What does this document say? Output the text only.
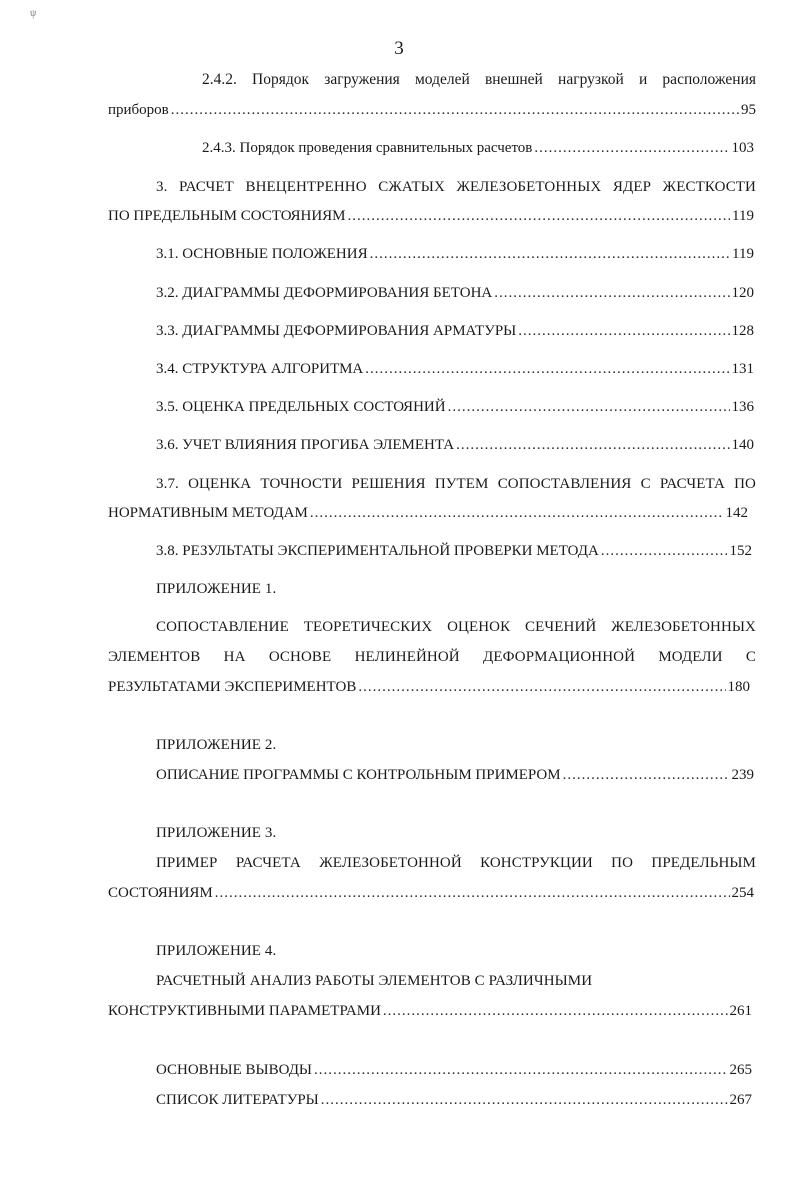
ψ
3
2.4.2. Порядок загружения моделей внешней нагрузкой и расположения
приборов .....	95
2.4.3. Порядок проведения сравнительных расчетов .....	103
3. РАСЧЕТ ВНЕЦЕНТРЕННО СЖАТЫХ ЖЕЛЕЗОБЕТОННЫХ ЯДЕР ЖЕСТКОСТИ
ПО ПРЕДЕЛЬНЫМ СОСТОЯНИЯМ .....	119
3.1. ОСНОВНЫЕ ПОЛОЖЕНИЯ .....	119
3.2. ДИАГРАММЫ ДЕФОРМИРОВАНИЯ БЕТОНА .....	120
3.3. ДИАГРАММЫ ДЕФОРМИРОВАНИЯ АРМАТУРЫ .....	128
3.4. СТРУКТУРА АЛГОРИТМА .....	131
3.5. ОЦЕНКА ПРЕДЕЛЬНЫХ СОСТОЯНИЙ .....	136
3.6. УЧЕТ ВЛИЯНИЯ ПРОГИБА ЭЛЕМЕНТА .....	140
3.7. ОЦЕНКА ТОЧНОСТИ РЕШЕНИЯ ПУТЕМ СОПОСТАВЛЕНИЯ С РАСЧЕТА ПО
НОРМАТИВНЫМ МЕТОДАМ .....	142
3.8. РЕЗУЛЬТАТЫ ЭКСПЕРИМЕНТАЛЬНОЙ ПРОВЕРКИ МЕТОДА .....	152
ПРИЛОЖЕНИЕ 1.
СОПОСТАВЛЕНИЕ ТЕОРЕТИЧЕСКИХ ОЦЕНОК СЕЧЕНИЙ ЖЕЛЕЗОБЕТОННЫХ
ЭЛЕМЕНТОВ НА ОСНОВЕ НЕЛИНЕЙНОЙ ДЕФОРМАЦИОННОЙ МОДЕЛИ С
РЕЗУЛЬТАТАМИ ЭКСПЕРИМЕНТОВ .....	180
ПРИЛОЖЕНИЕ 2.
ОПИСАНИЕ ПРОГРАММЫ С КОНТРОЛЬНЫМ ПРИМЕРОМ .....	239
ПРИЛОЖЕНИЕ 3.
ПРИМЕР РАСЧЕТА ЖЕЛЕЗОБЕТОННОЙ КОНСТРУКЦИИ ПО ПРЕДЕЛЬНЫМ
СОСТОЯНИЯМ .....	254
ПРИЛОЖЕНИЕ 4.
РАСЧЕТНЫЙ АНАЛИЗ РАБОТЫ ЭЛЕМЕНТОВ С РАЗЛИЧНЫМИ
КОНСТРУКТИВНЫМИ ПАРАМЕТРАМИ .....	261
ОСНОВНЫЕ ВЫВОДЫ .....	265
СПИСОК ЛИТЕРАТУРЫ .....	267
